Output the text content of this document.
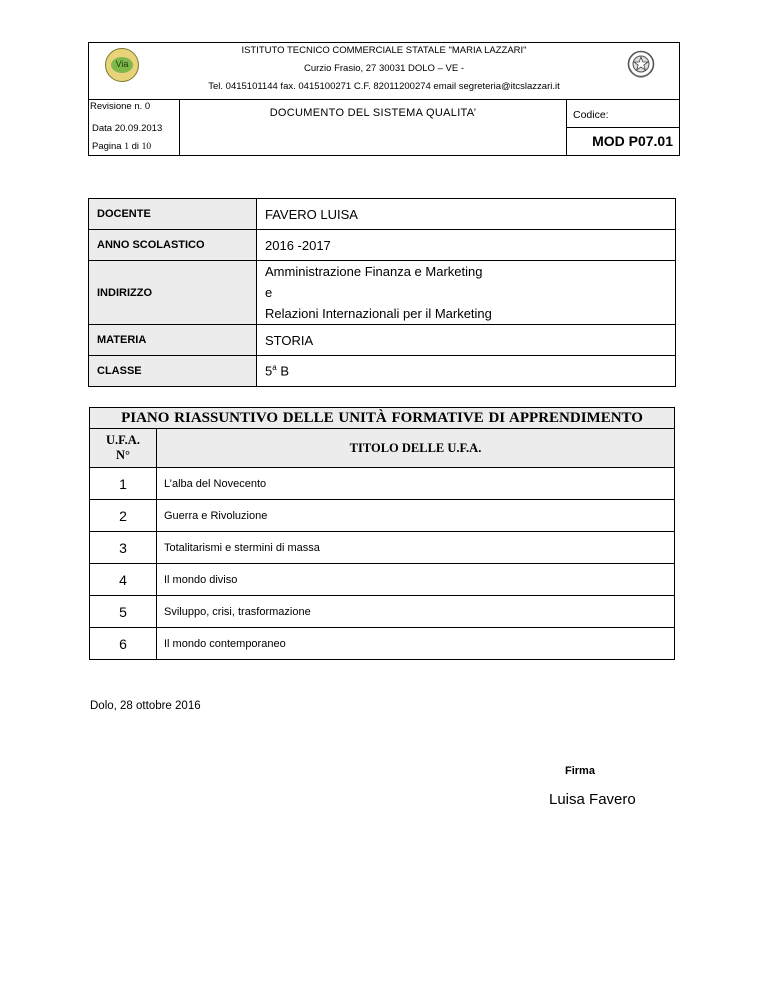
Via
ISTITUTO TECNICO COMMERCIALE STATALE "MARIA LAZZARI"
Curzio Frasio, 27 30031 DOLO – VE -
Tel. 0415101144 fax. 0415100271 C.F. 82011200274 email segreteria@itcslazzari.it
Revisione n. 0
Data 20.09.2013
Pagina 1 di 10
DOCUMENTO DEL SISTEMA QUALITA’	Codice:
MOD P07.01
DOCENTE	FAVERO LUISA
ANNO SCOLASTICO	2016 -2017
INDIRIZZO	Amministrazione Finanza e Marketing
e
Relazioni Internazionali per il Marketing

MATERIA	STORIA
CLASSE	5$^a$ B
PIANO RIASSUNTIVO DELLE UNITÀ FORMATIVE DI APPRENDIMENTO	

U.F.A.
N°	TITOLO DELLE U.F.A.
1	L’alba del Novecento
2	Guerra e Rivoluzione
3	Totalitarismi e stermini di massa
4	Il mondo diviso
5	Sviluppo, crisi, trasformazione
6	Il mondo contemporaneo
Dolo, 28 ottobre 2016
Firma
Luisa Favero
